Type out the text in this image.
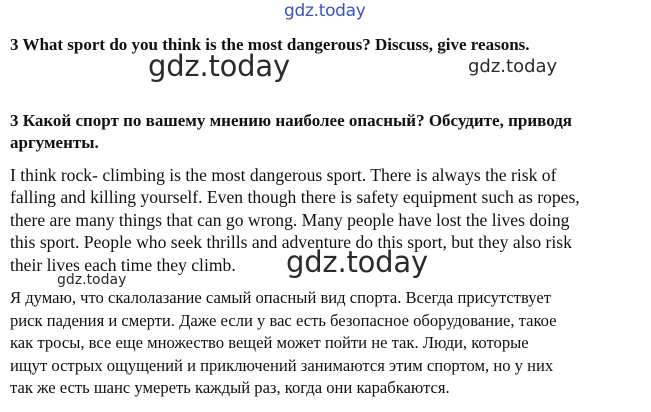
3 What sport do you think is the most dangerous? Discuss, give reasons.
3 Какой спорт по вашему мнению наиболее опасный? Обсудите, приводя
аргументы.
I think rock- climbing is the most dangerous sport. There is always the risk of
falling and killing yourself. Even though there is safety equipment such as ropes,
there are many things that can go wrong. Many people have lost the lives doing
this sport. People who seek thrills and adventure do this sport, but they also risk
their lives each time they climb.
Я думаю, что скалолазание самый опасный вид спорта. Всегда присутствует
риск падения и смерти. Даже если у вас есть безопасное оборудование, такое
как тросы, все еще множество вещей может пойти не так. Люди, которые
ищут острых ощущений и приключений занимаются этим спортом, но у них
так же есть шанс умереть каждый раз, когда они карабкаются.
gdz.today
gdz.today	gdz.today
gdz.today
gdz.today
